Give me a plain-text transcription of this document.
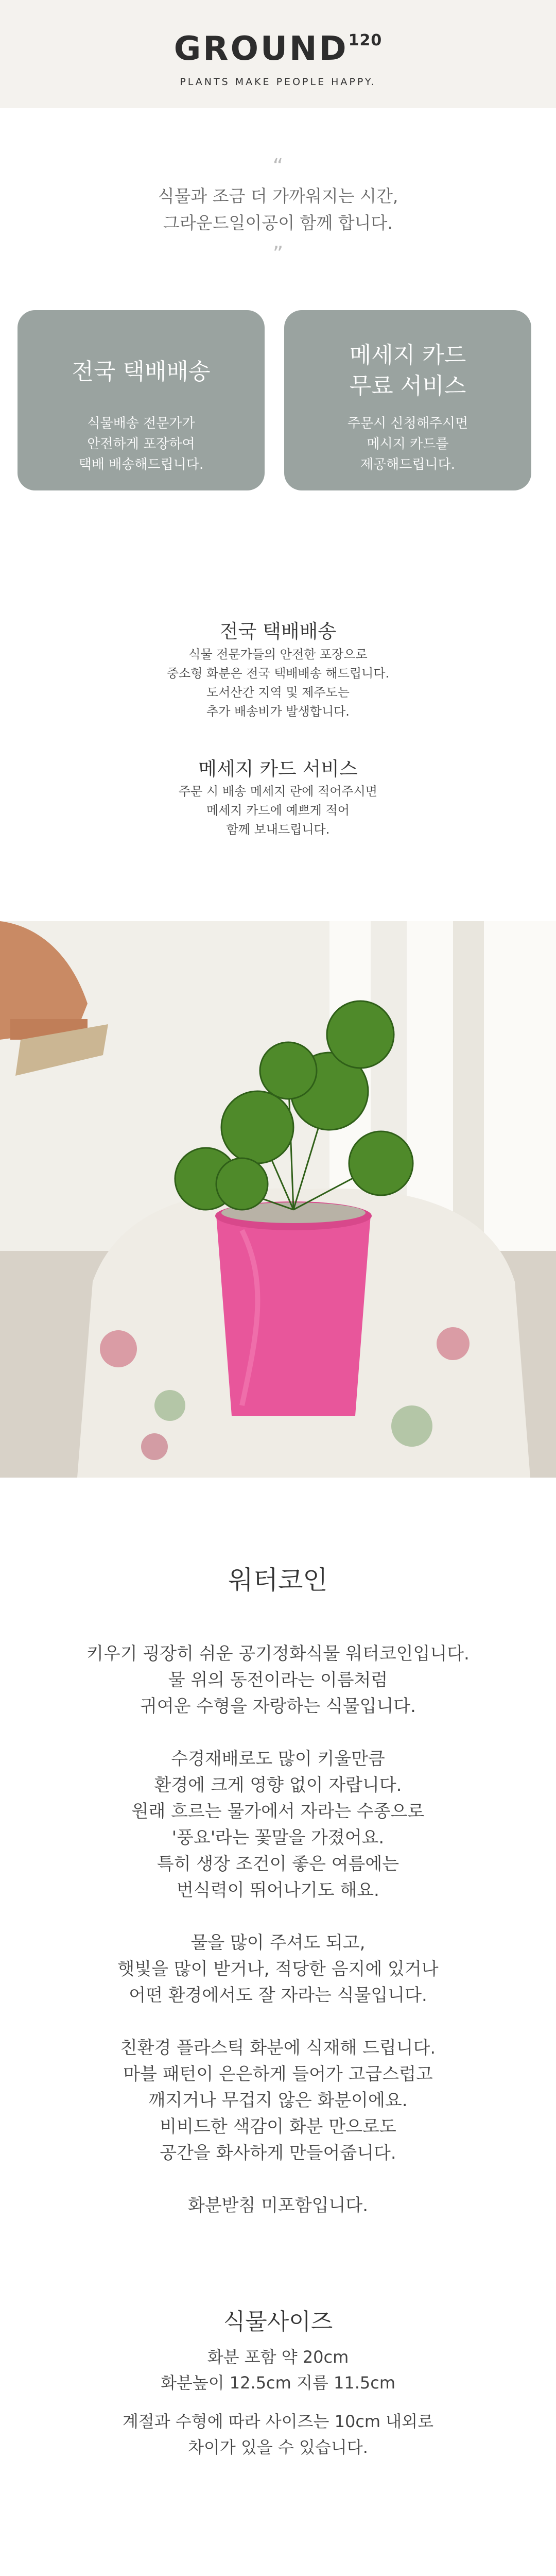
GROUND$^{120}$
PLANTS MAKE PEOPLE HAPPY.
“
식물과 조금 더 가까워지는 시간,
그라운드일이공이 함께 합니다.
”
전국 택배배송
식물배송 전문가가
안전하게 포장하여
택배 배송해드립니다.
메세지 카드
무료 서비스
주문시 신청해주시면
메시지 카드를
제공해드립니다.
전국 택배배송
식물 전문가들의 안전한 포장으로
중소형 화분은 전국 택배배송 해드립니다.
도서산간 지역 및 제주도는
추가 배송비가 발생합니다.
메세지 카드 서비스
주문 시 배송 메세지 란에 적어주시면
메세지 카드에 예쁘게 적어
함께 보내드립니다.
워터코인
키우기 굉장히 쉬운 공기정화식물 워터코인입니다.
물 위의 동전이라는 이름처럼
귀여운 수형을 자랑하는 식물입니다.
수경재배로도 많이 키울만큼
환경에 크게 영향 없이 자랍니다.
원래 흐르는 물가에서 자라는 수종으로
'풍요'라는 꽃말을 가졌어요.
특히 생장 조건이 좋은 여름에는
번식력이 뛰어나기도 해요.
물을 많이 주셔도 되고,
햇빛을 많이 받거나, 적당한 음지에 있거나
어떤 환경에서도 잘 자라는 식물입니다.
친환경 플라스틱 화분에 식재해 드립니다.
마블 패턴이 은은하게 들어가 고급스럽고
깨지거나 무겁지 않은 화분이에요.
비비드한 색감이 화분 만으로도
공간을 화사하게 만들어줍니다.
화분받침 미포함입니다.
식물사이즈
화분 포함 약 20cm
화분높이 12.5cm 지름 11.5cm
계절과 수형에 따라 사이즈는 10cm 내외로
차이가 있을 수 있습니다.
